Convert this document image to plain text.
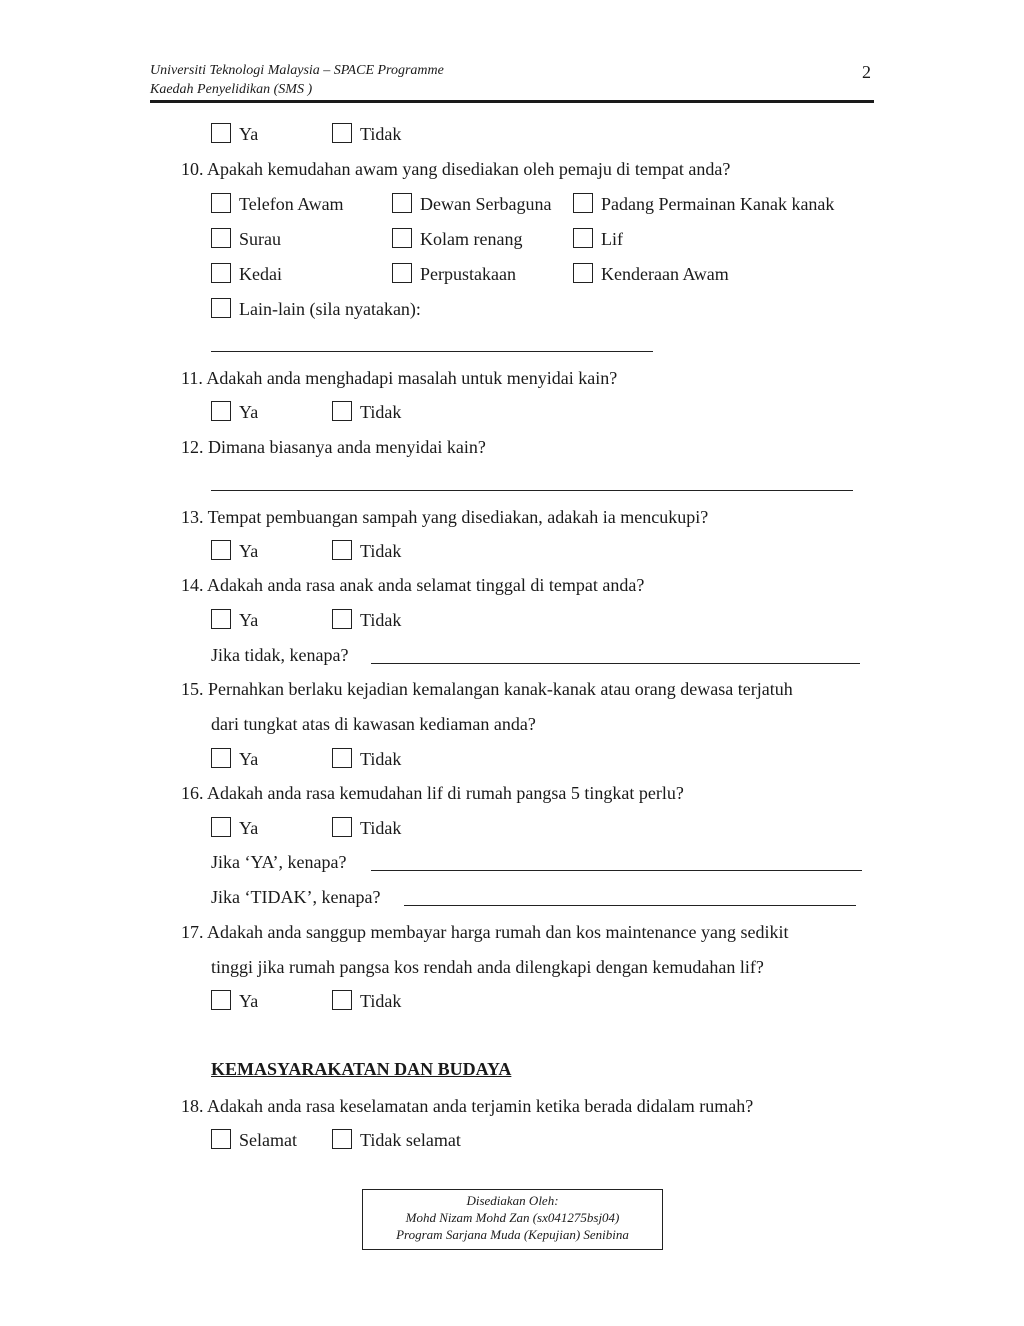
Universiti Teknologi Malaysia – SPACE Programme
Kaedah Penyelidikan (SMS )
2
Ya	Tidak
10. Apakah kemudahan awam yang disediakan oleh pemaju di tempat anda?
Telefon Awam	Dewan Serbaguna	Padang Permainan Kanak kanak
Surau	Kolam renang	Lif
Kedai	Perpustakaan	Kenderaan Awam
Lain-lain (sila nyatakan):
11. Adakah anda menghadapi masalah untuk menyidai kain?
Ya	Tidak
12. Dimana biasanya anda menyidai kain?
13. Tempat pembuangan sampah yang disediakan, adakah ia mencukupi?
Ya	Tidak
14. Adakah anda rasa anak anda selamat tinggal di tempat anda?
Ya	Tidak
Jika tidak, kenapa?
15. Pernahkan berlaku kejadian kemalangan kanak-kanak atau orang dewasa terjatuh
dari tungkat atas di kawasan kediaman anda?
Ya	Tidak
16. Adakah anda rasa kemudahan lif di rumah pangsa 5 tingkat perlu?
Ya	Tidak
Jika ‘YA’, kenapa?
Jika ‘TIDAK’, kenapa?
17. Adakah anda sanggup membayar harga rumah dan kos maintenance yang sedikit
tinggi jika rumah pangsa kos rendah anda dilengkapi dengan kemudahan lif?
Ya	Tidak
KEMASYARAKATAN DAN BUDAYA
18. Adakah anda rasa keselamatan anda terjamin ketika berada didalam rumah?
Selamat	Tidak selamat
Disediakan Oleh:
Mohd Nizam Mohd Zan (sx041275bsj04)
Program Sarjana Muda (Kepujian) Senibina
